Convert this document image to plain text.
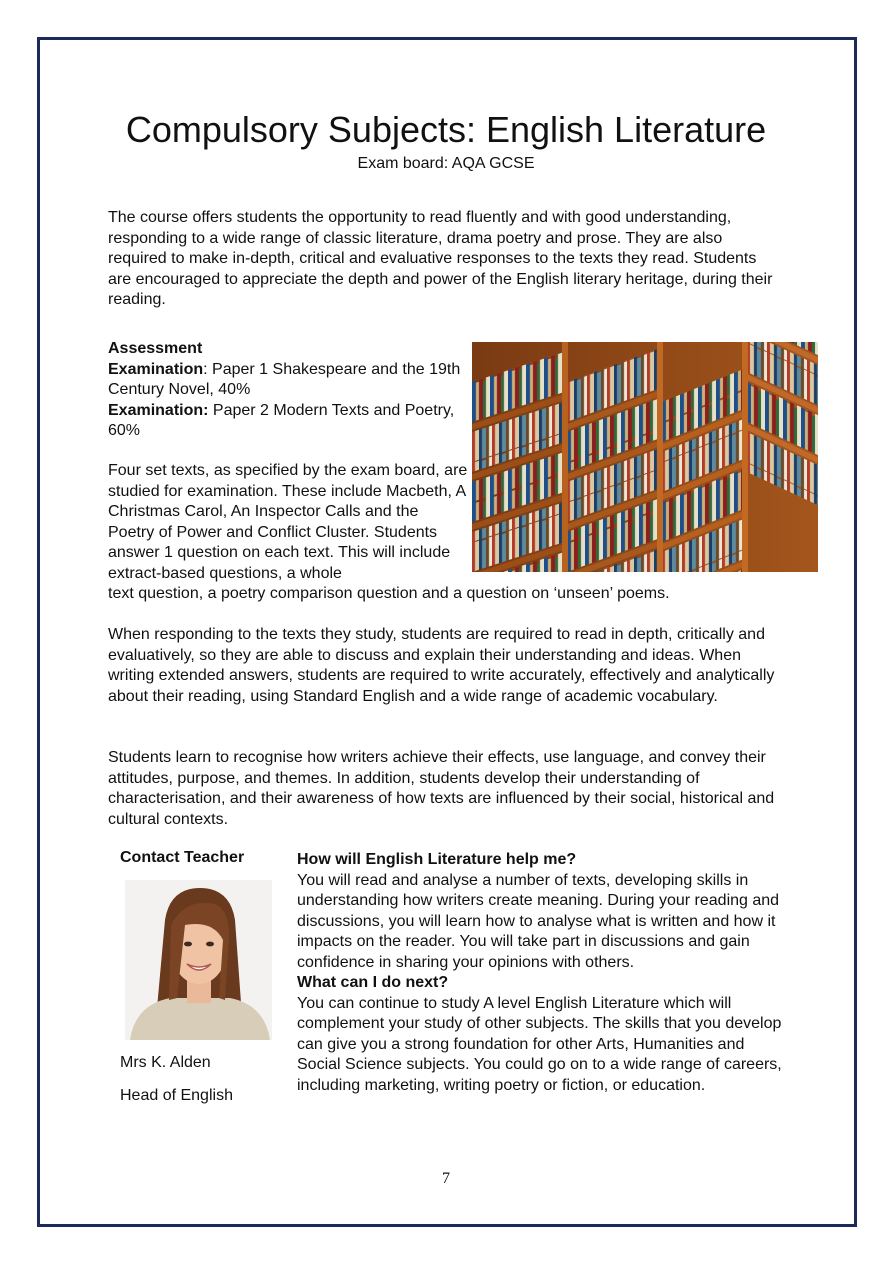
Compulsory Subjects: English Literature
Exam board: AQA GCSE

The course offers students the opportunity to read fluently and with good understanding, responding to a wide range of classic literature, drama poetry and prose. They are also required to make in-depth, critical and evaluative responses to the texts they read. Students are encouraged to appreciate the depth and power of the English literary heritage, during their reading.

Assessment
Examination: Paper 1 Shakespeare and the 19th Century Novel, 40%
Examination: Paper 2 Modern Texts and Poetry, 60%
Four set texts, as specified by the exam board, are studied for examination. These include Macbeth, A Christmas Carol, An Inspector Calls and the Poetry of Power and Conflict Cluster. Students answer 1 question on each text. This will include extract-based questions, a whole
text question, a poetry comparison question and a question on ‘unseen’ poems.

When responding to the texts they study, students are required to read in depth, critically and evaluatively, so they are able to discuss and explain their understanding and ideas. When writing extended answers, students are required to write accurately, effectively and analytically about their reading, using Standard English and a wide range of academic vocabulary.

Students learn to recognise how writers achieve their effects, use language, and convey their attitudes, purpose, and themes. In addition, students develop their understanding of characterisation, and their awareness of how texts are influenced by their social, historical and cultural contexts.

Contact Teacher
Mrs K. Alden
Head of English
How will English Literature help me?
You will read and analyse a number of texts, developing skills in understanding how writers create meaning. During your reading and discussions, you will learn how to analyse what is written and how it impacts on the reader. You will take part in discussions and gain confidence in sharing your opinions with others.
What can I do next?
You can continue to study A level English Literature which will complement your study of other subjects. The skills that you develop can give you a strong foundation for other Arts, Humanities and Social Science subjects. You could go on to a wide range of careers, including marketing, writing poetry or fiction, or education.
7
